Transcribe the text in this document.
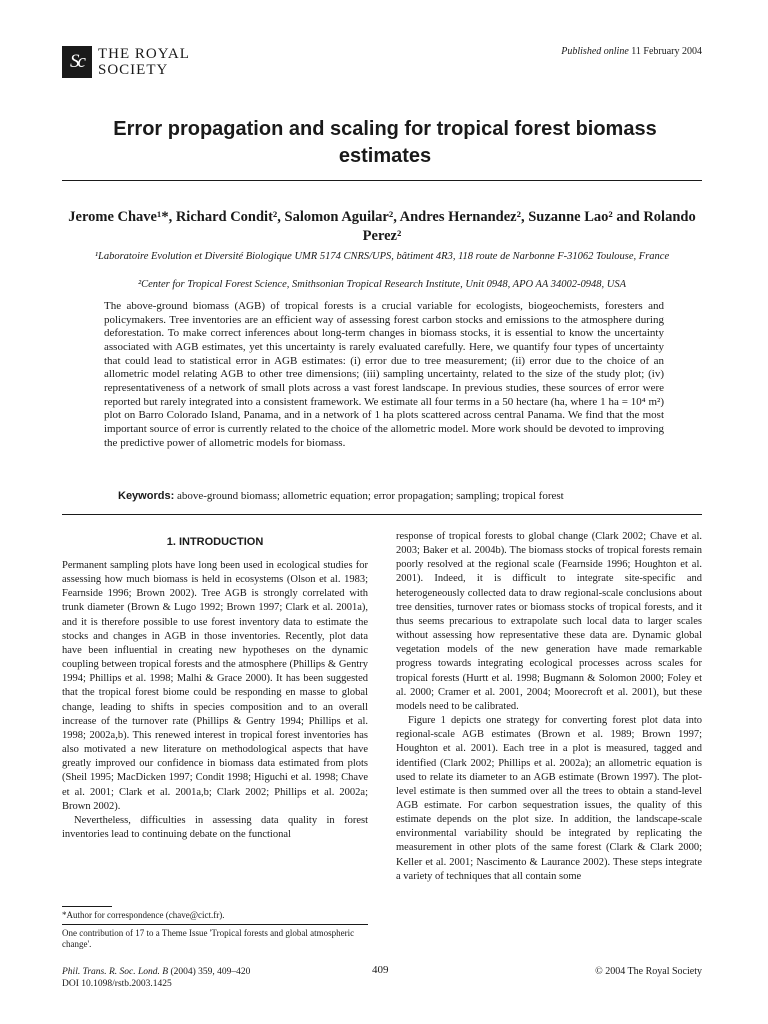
Sc THE ROYAL
SOCIETY
Published online 11 February 2004
Error propagation and scaling for tropical forest biomass estimates
Jerome Chave¹*, Richard Condit², Salomon Aguilar², Andres Hernandez², Suzanne Lao² and Rolando Perez²
¹Laboratoire Evolution et Diversité Biologique UMR 5174 CNRS/UPS, bâtiment 4R3, 118 route de Narbonne F-31062 Toulouse, France
²Center for Tropical Forest Science, Smithsonian Tropical Research Institute, Unit 0948, APO AA 34002-0948, USA

The above-ground biomass (AGB) of tropical forests is a crucial variable for ecologists, biogeochemists, foresters and policymakers. Tree inventories are an efficient way of assessing forest carbon stocks and emissions to the atmosphere during deforestation. To make correct inferences about long-term changes in biomass stocks, it is essential to know the uncertainty associated with AGB estimates, yet this uncertainty is rarely evaluated carefully. Here, we quantify four types of uncertainty that could lead to statistical error in AGB estimates: (i) error due to tree measurement; (ii) error due to the choice of an allometric model relating AGB to other tree dimensions; (iii) sampling uncertainty, related to the size of the study plot; (iv) representativeness of a network of small plots across a vast forest landscape. In previous studies, these sources of error were reported but rarely integrated into a consistent framework. We estimate all four terms in a 50 hectare (ha, where 1 ha = 10⁴ m²) plot on Barro Colorado Island, Panama, and in a network of 1 ha plots scattered across central Panama. We find that the most important source of error is currently related to the choice of the allometric model. More work should be devoted to improving the predictive power of allometric models for biomass.

Keywords: above-ground biomass; allometric equation; error propagation; sampling; tropical forest
1. INTRODUCTION

Permanent sampling plots have long been used in ecological studies for assessing how much biomass is held in ecosystems (Olson et al. 1983; Fearnside 1996; Brown 2002). Tree AGB is strongly correlated with trunk diameter (Brown & Lugo 1992; Brown 1997; Clark et al. 2001a), and it is therefore possible to use forest inventory data to estimate the stocks and changes in AGB in those inventories. Recently, plot data have been influential in creating new hypotheses on the dynamic coupling between tropical forests and the atmosphere (Phillips & Gentry 1994; Phillips et al. 1998; Malhi & Grace 2000). It has been suggested that the tropical forest biome could be responding en masse to global change, leading to shifts in species composition and to an overall increase of the turnover rate (Phillips & Gentry 1994; Phillips et al. 1998; 2002a,b). This renewed interest in tropical forest inventories has also motivated a new literature on methodological aspects that have greatly improved our confidence in biomass data estimated from plots (Sheil 1995; MacDicken 1997; Condit 1998; Higuchi et al. 1998; Chave et al. 2001; Clark et al. 2001a,b; Clark 2002; Phillips et al. 2002a; Brown 2002).

Nevertheless, difficulties in assessing data quality in forest inventories lead to continuing debate on the functional

response of tropical forests to global change (Clark 2002; Chave et al. 2003; Baker et al. 2004b). The biomass stocks of tropical forests remain poorly resolved at the regional scale (Fearnside 1996; Houghton et al. 2001). Indeed, it is difficult to integrate site-specific and heterogeneously collected data to draw regional-scale conclusions about tree densities, turnover rates or biomass stocks of tropical forests, and it thus seems precarious to extrapolate such local data to larger scales without assessing how representative these data are. Dynamic global vegetation models of the new generation have made remarkable progress towards integrating ecological processes across scales for tropical forests (Hurtt et al. 1998; Bugmann & Solomon 2000; Foley et al. 2000; Cramer et al. 2001, 2004; Moorecroft et al. 2001), but these models need to be calibrated.

Figure 1 depicts one strategy for converting forest plot data into regional-scale AGB estimates (Brown et al. 1989; Brown 1997; Houghton et al. 2001). Each tree in a plot is measured, tagged and identified (Clark 2002; Phillips et al. 2002a); an allometric equation is used to relate its diameter to an AGB estimate (Brown 1997). The plot-level estimate is then summed over all the trees to obtain a stand-level AGB estimate. For carbon sequestration issues, the quality of this estimate depends on the plot size. In addition, the landscape-scale environmental variability should be integrated by replicating the measurement in other plots of the same forest (Clark & Clark 2000; Keller et al. 2001; Nascimento & Laurance 2002). These steps integrate a variety of techniques that all contain some

*Author for correspondence (chave@cict.fr).
One contribution of 17 to a Theme Issue 'Tropical forests and global atmospheric change'.
Phil. Trans. R. Soc. Lond. B (2004) 359, 409–420
DOI 10.1098/rstb.2003.1425
409	© 2004 The Royal Society
